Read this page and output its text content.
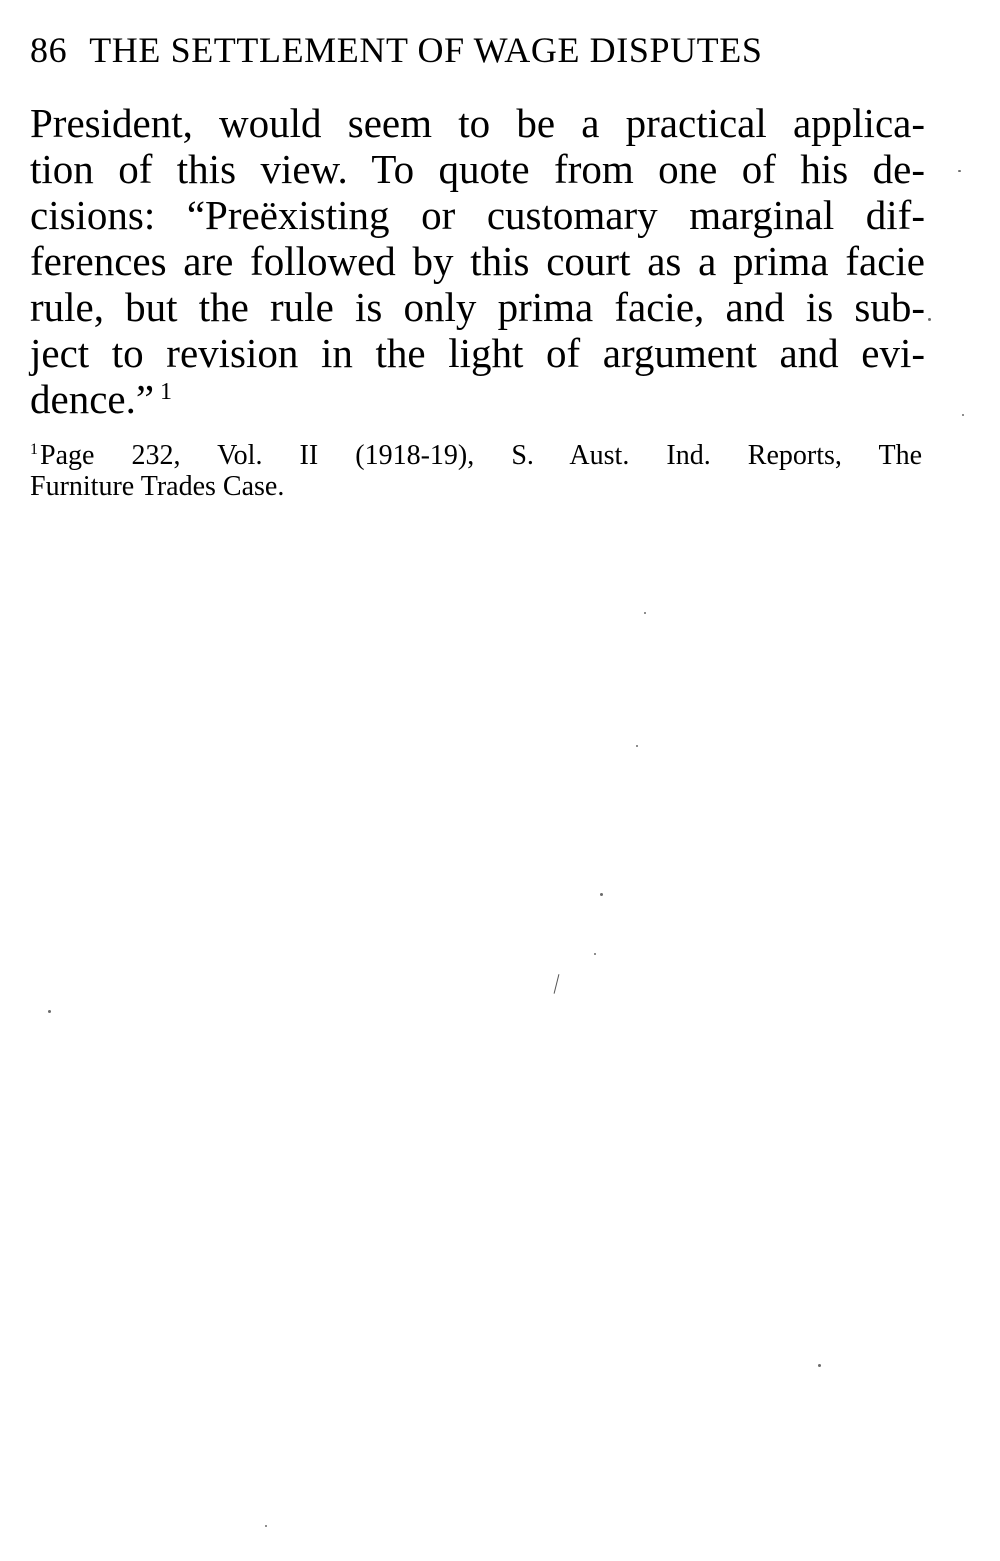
86 THE SETTLEMENT OF WAGE DISPUTES
President, would seem to be a practical applica-
tion of this view. To quote from one of his de-
cisions: “Preëxisting or customary marginal dif-
ferences are followed by this court as a prima facie
rule, but the rule is only prima facie, and is sub-
ject to revision in the light of argument and evi-
dence.” $^1$
$^1$Page 232, Vol. II (1918-19), S. Aust. Ind. Reports, The
Furniture Trades Case.
